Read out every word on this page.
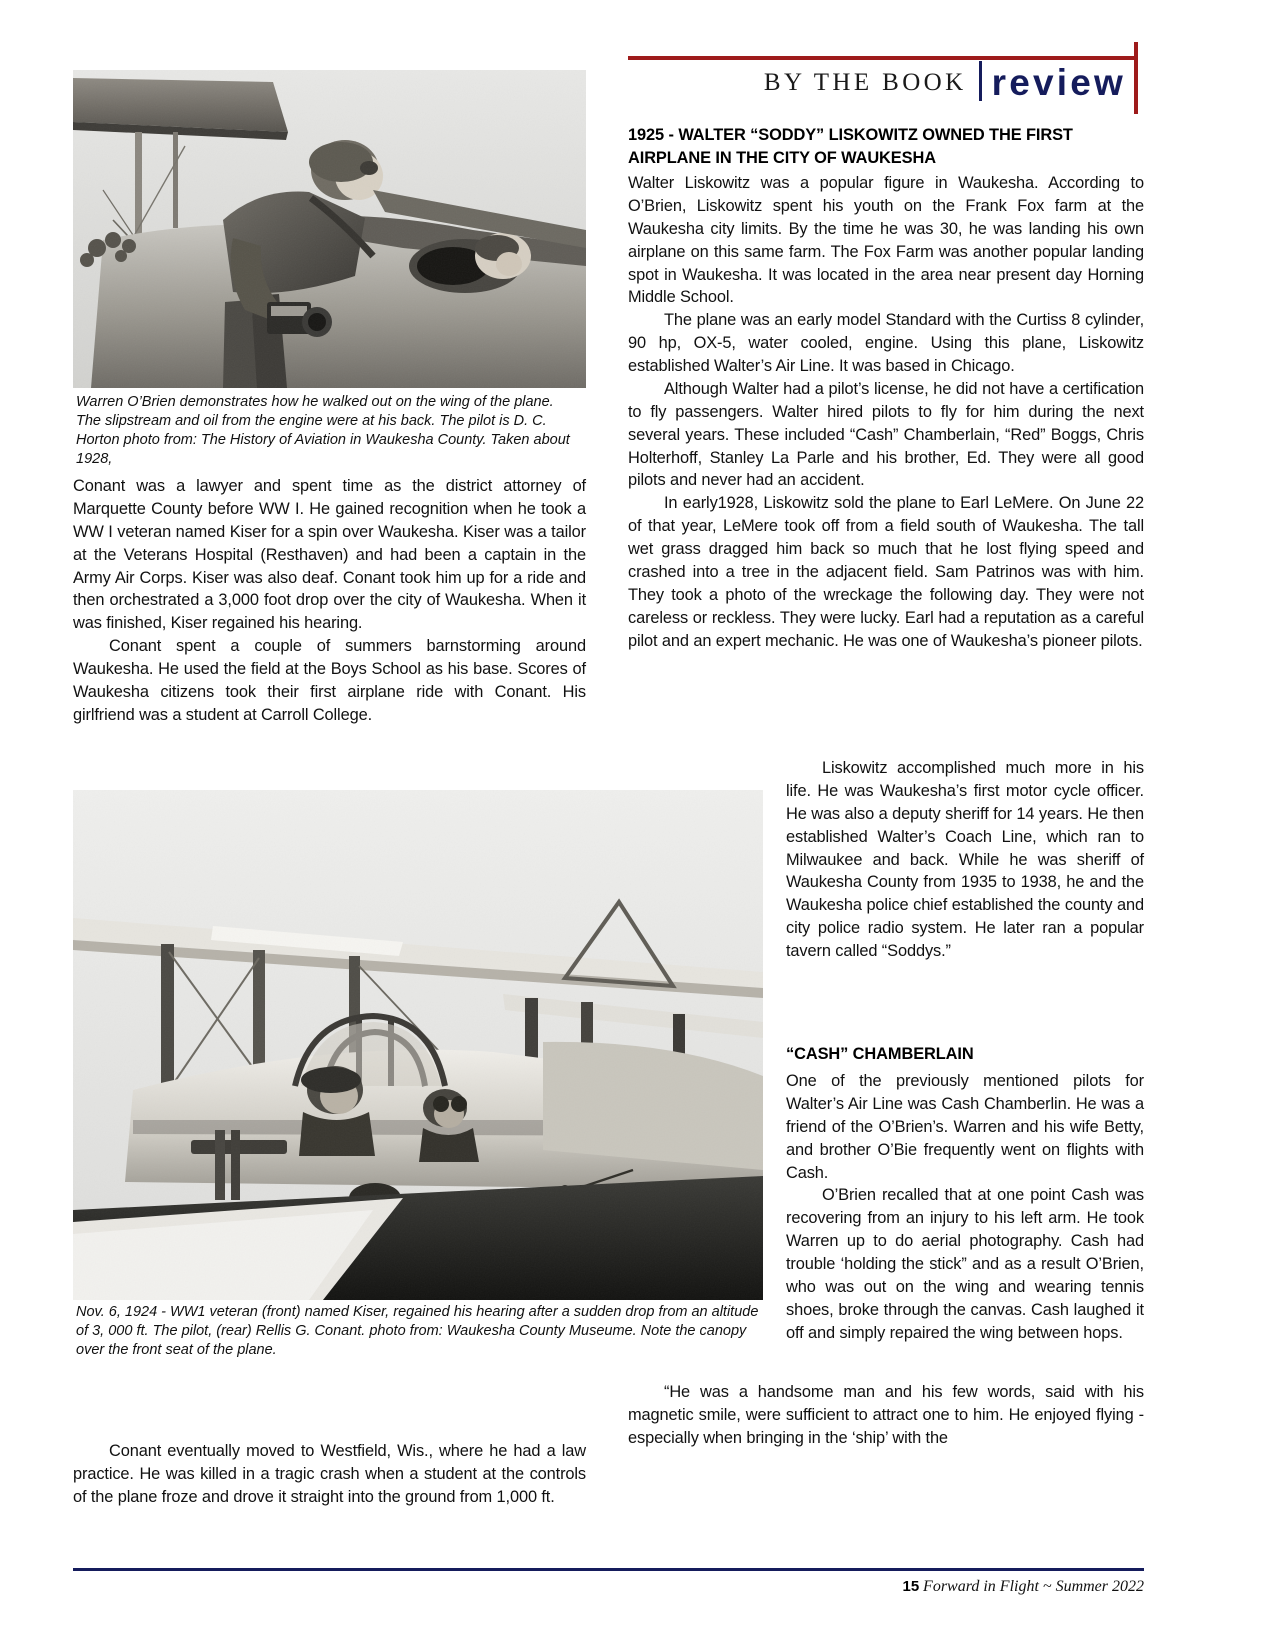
Warren O’Brien demonstrates how he walked out on the wing of the plane. The slipstream and oil from the engine were at his back. The pilot is D. C. Horton photo from: The History of Aviation in Waukesha County. Taken about 1928,

Conant was a lawyer and spent time as the district attorney of Marquette County before WW I. He gained recognition when he took a WW I veteran named Kiser for a spin over Waukesha. Kiser was a tailor at the Veterans Hospital (Resthaven) and had been a captain in the Army Air Corps. Kiser was also deaf. Conant took him up for a ride and then orchestrated a 3,000 foot drop over the city of Waukesha. When it was finished, Kiser regained his hearing.

Conant spent a couple of summers barnstorming around Waukesha. He used the field at the Boys School as his base. Scores of Waukesha citizens took their first airplane ride with Conant. His girlfriend was a student at Carroll College.

Nov. 6, 1924 - WW1 veteran (front) named Kiser, regained his hearing after a sudden drop from an altitude of 3, 000 ft. The pilot, (rear) Rellis G. Conant. photo from: Waukesha County Museume. Note the canopy over the front seat of the plane.

Conant eventually moved to Westfield, Wis., where he had a law practice. He was killed in a tragic crash when a student at the controls of the plane froze and drove it straight into the ground from 1,000 ft.

BY THE BOOK review
1925 - WALTER “SODDY” LISKOWITZ OWNED THE FIRST AIRPLANE IN THE CITY OF WAUKESHA

Walter Liskowitz was a popular figure in Waukesha. According to O’Brien, Liskowitz spent his youth on the Frank Fox farm at the Waukesha city limits. By the time he was 30, he was landing his own airplane on this same farm. The Fox Farm was another popular landing spot in Waukesha. It was located in the area near present day Horning Middle School.

The plane was an early model Standard with the Curtiss 8 cylinder, 90 hp, OX-5, water cooled, engine. Using this plane, Liskowitz established Walter’s Air Line. It was based in Chicago.

Although Walter had a pilot’s license, he did not have a certification to fly passengers. Walter hired pilots to fly for him during the next several years. These included “Cash” Chamberlain, “Red” Boggs, Chris Holterhoff, Stanley La Parle and his brother, Ed. They were all good pilots and never had an accident.

In early1928, Liskowitz sold the plane to Earl LeMere. On June 22 of that year, LeMere took off from a field south of Waukesha. The tall wet grass dragged him back so much that he lost flying speed and crashed into a tree in the adjacent field. Sam Patrinos was with him. They took a photo of the wreckage the following day. They were not careless or reckless. They were lucky. Earl had a reputation as a careful pilot and an expert mechanic. He was one of Waukesha’s pioneer pilots.

Liskowitz accomplished much more in his life. He was Waukesha’s first motor cycle officer. He was also a deputy sheriff for 14 years. He then established Walter’s Coach Line, which ran to Milwaukee and back. While he was sheriff of Waukesha County from 1935 to 1938, he and the Waukesha police chief established the county and city police radio system. He later ran a popular tavern called “Soddys.”

“CASH” CHAMBERLAIN

One of the previously mentioned pilots for Walter’s Air Line was Cash Chamberlin. He was a friend of the O’Brien’s. Warren and his wife Betty, and brother O’Bie frequently went on flights with Cash.

O’Brien recalled that at one point Cash was recovering from an injury to his left arm. He took Warren up to do aerial photography. Cash had trouble ‘holding the stick” and as a result O’Brien, who was out on the wing and wearing tennis shoes, broke through the canvas. Cash laughed it off and simply repaired the wing between hops.

“He was a handsome man and his few words, said with his magnetic smile, were sufficient to attract one to him. He enjoyed flying - especially when bringing in the ‘ship’ with the

15 Forward in Flight ~ Summer 2022
